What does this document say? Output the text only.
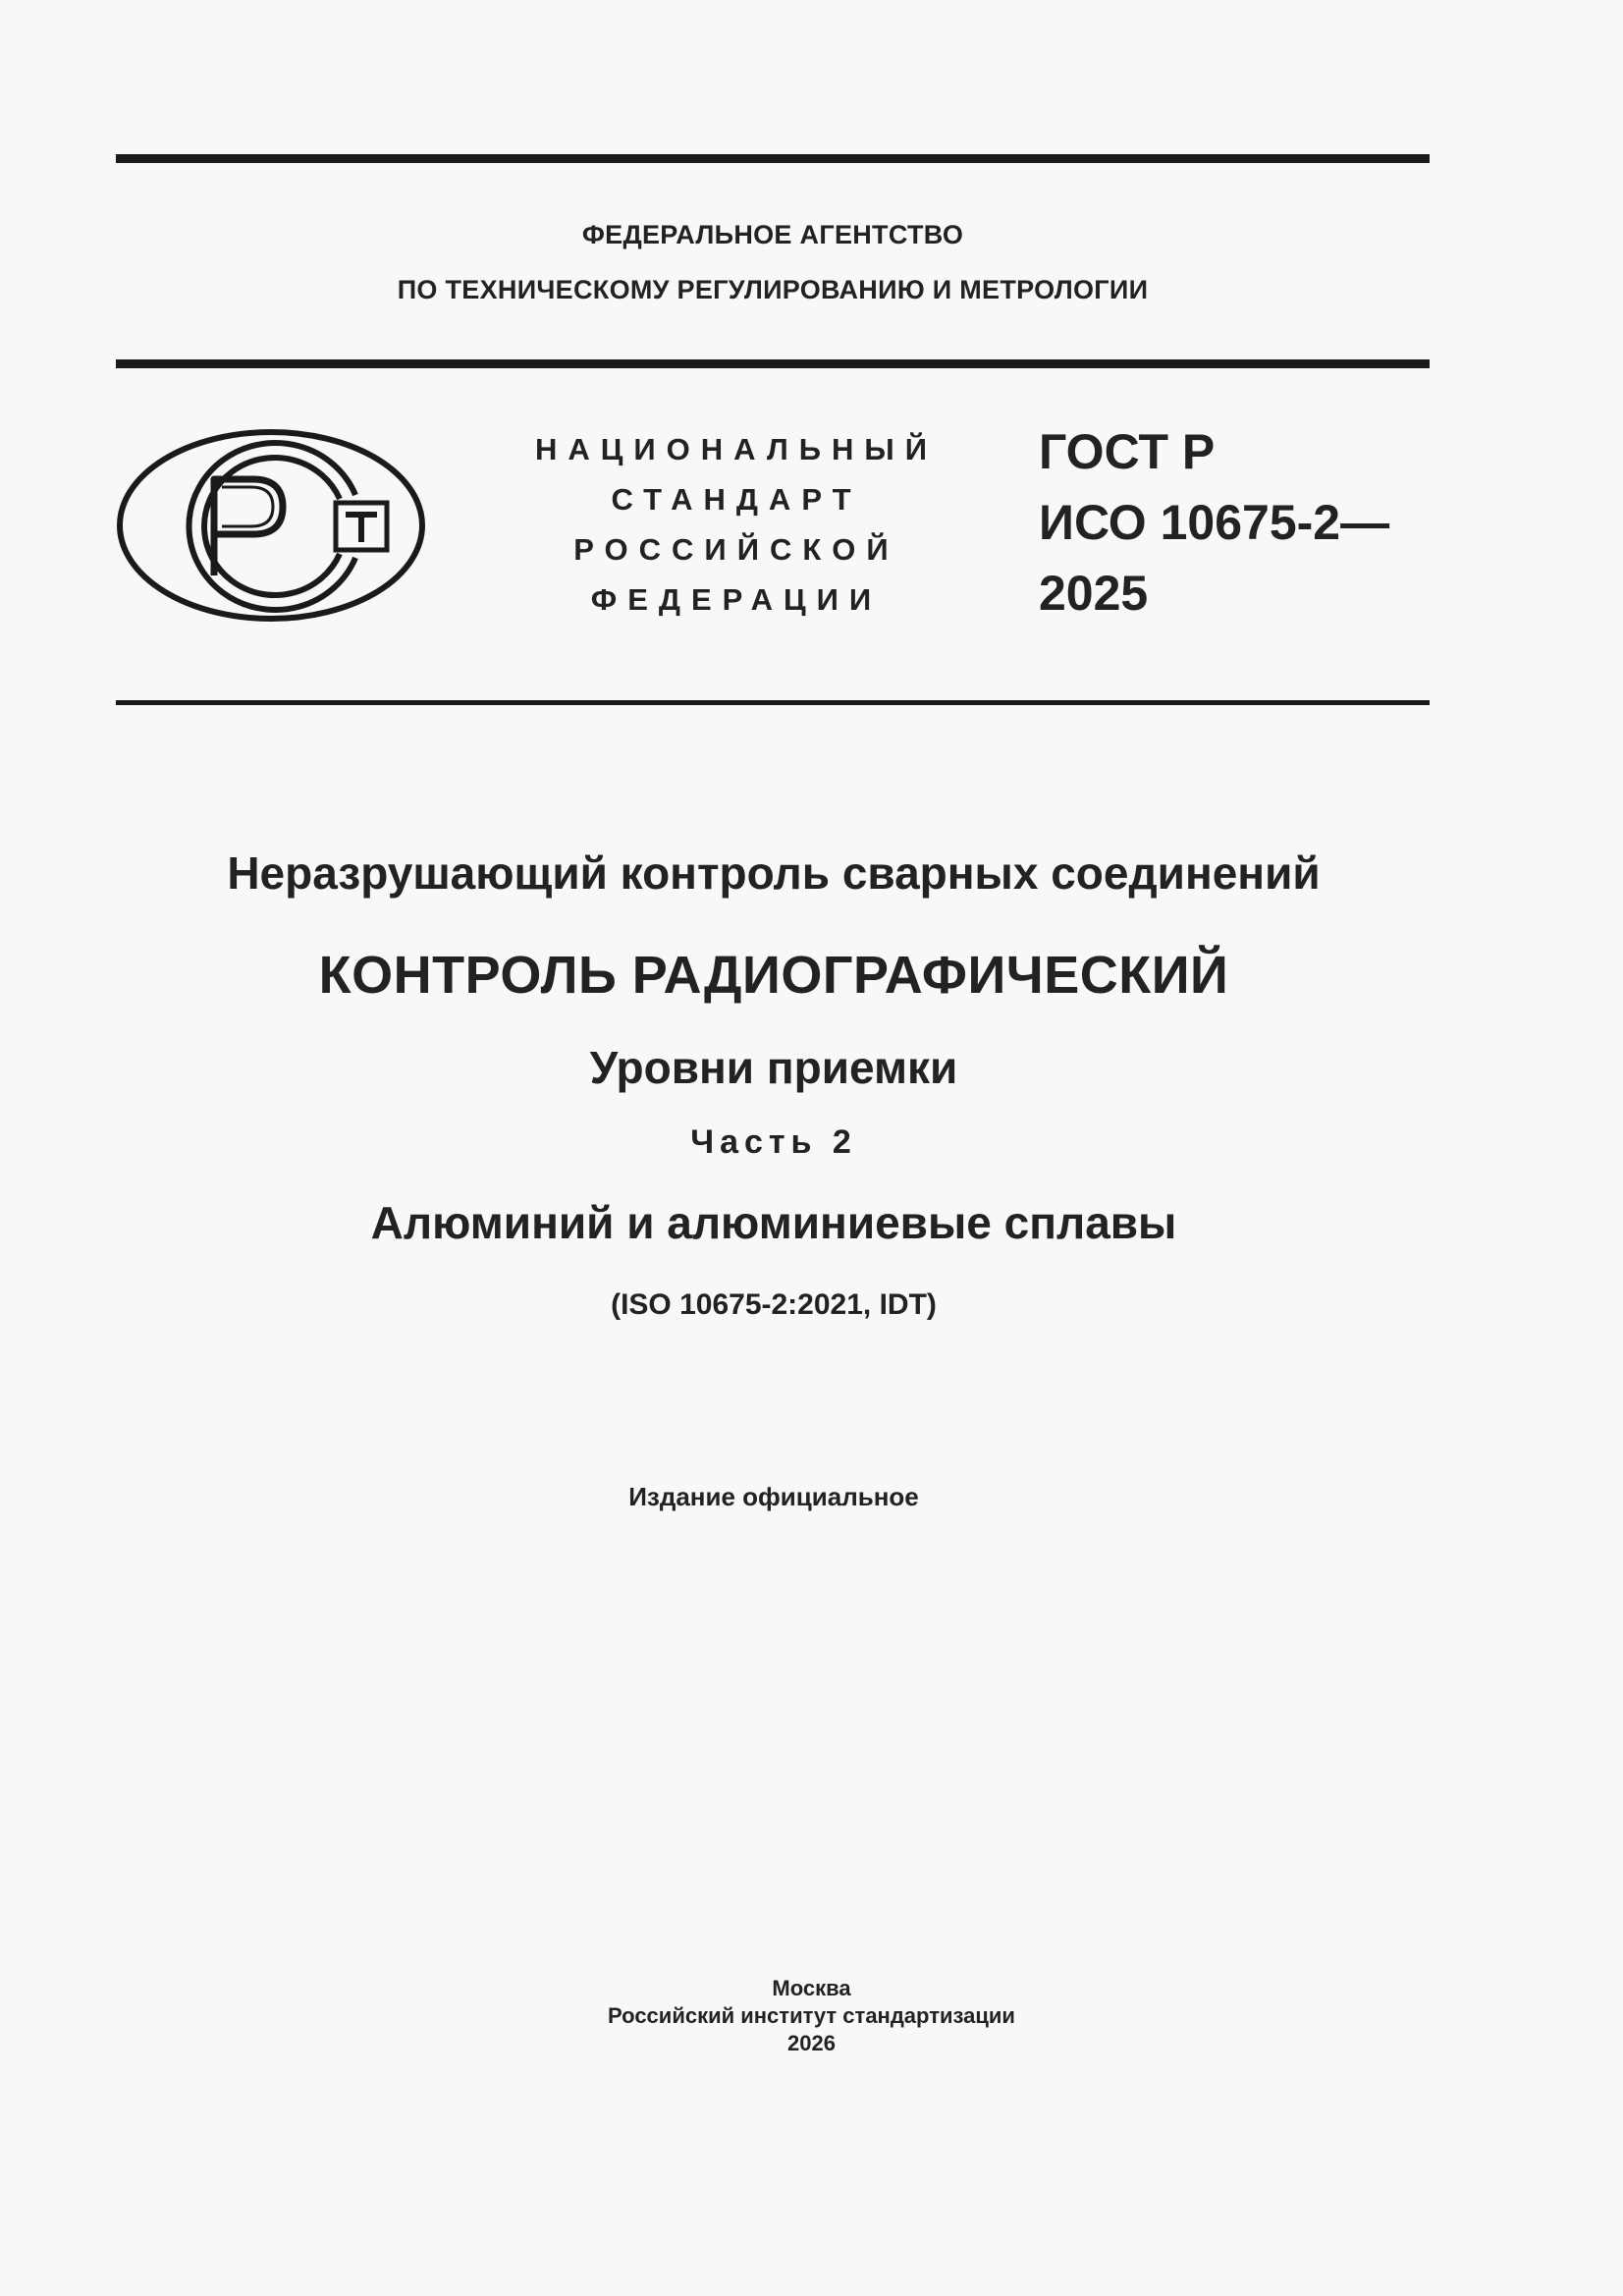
ФЕДЕРАЛЬНОЕ АГЕНТСТВО
ПО ТЕХНИЧЕСКОМУ РЕГУЛИРОВАНИЮ И МЕТРОЛОГИИ
НАЦИОНАЛЬНЫЙ
СТАНДАРТ
РОССИЙСКОЙ
ФЕДЕРАЦИИ
ГОСТ Р
ИСО 10675-2—
2025
Неразрушающий контроль сварных соединений
КОНТРОЛЬ РАДИОГРАФИЧЕСКИЙ
Уровни приемки
Часть 2
Алюминий и алюминиевые сплавы
(ISO 10675-2:2021, IDT)
Издание официальное
Москва
Российский институт стандартизации
2026
